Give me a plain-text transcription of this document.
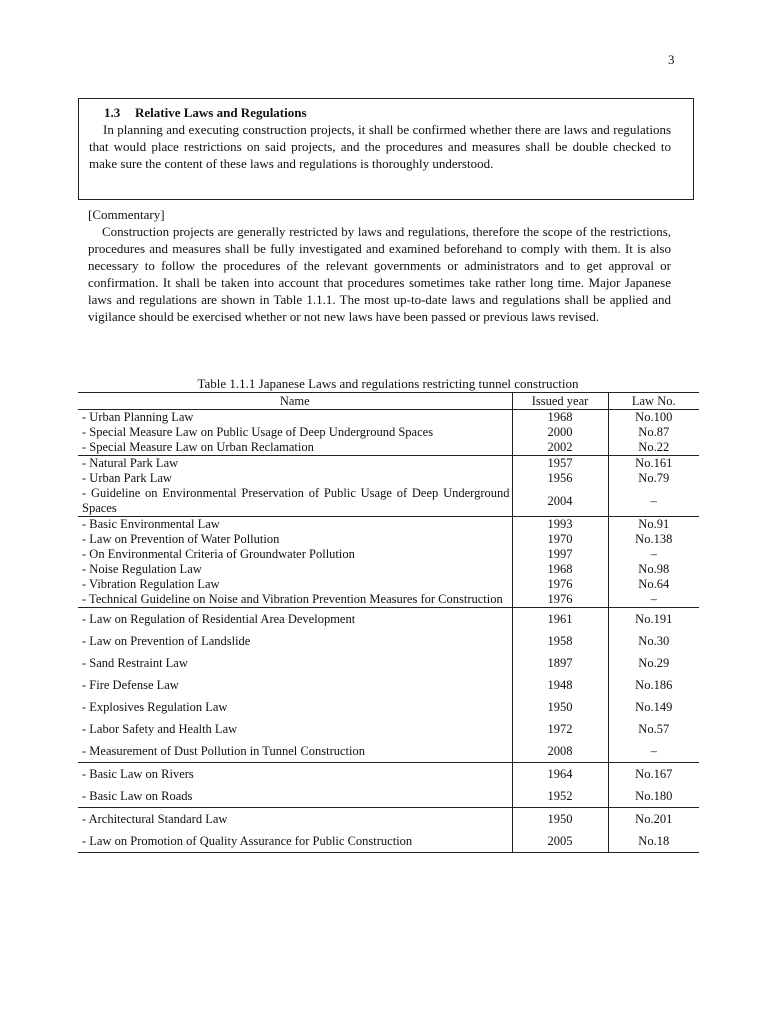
3

1.3 Relative Laws and Regulations

In planning and executing construction projects, it shall be confirmed whether there are laws and regulations that would place restrictions on said projects, and the procedures and measures shall be double checked to make sure the content of these laws and regulations is thoroughly understood.

[Commentary]

Construction projects are generally restricted by laws and regulations, therefore the scope of the restrictions, procedures and measures shall be fully investigated and examined beforehand to comply with them. It is also necessary to follow the procedures of the relevant governments or administrators and to get approval or confirmation. It shall be taken into account that procedures sometimes take rather long time. Major Japanese laws and regulations are shown in Table 1.1.1. The most up-to-date laws and regulations shall be applied and vigilance should be exercised whether or not new laws have been passed or previous laws revised.

Table 1.1.1 Japanese Laws and regulations restricting tunnel construction

Name	Issued year	Law No.
- Urban Planning Law	1968	No.100
- Special Measure Law on Public Usage of Deep Underground Spaces	2000	No.87
- Special Measure Law on Urban Reclamation	2002	No.22
- Natural Park Law	1957	No.161
- Urban Park Law	1956	No.79
- Guideline on Environmental Preservation of Public Usage of Deep Underground Spaces	2004	–
- Basic Environmental Law	1993	No.91
- Law on Prevention of Water Pollution	1970	No.138
- On Environmental Criteria of Groundwater Pollution	1997	–
- Noise Regulation Law	1968	No.98
- Vibration Regulation Law	1976	No.64
- Technical Guideline on Noise and Vibration Prevention Measures for Construction	1976	–
- Law on Regulation of Residential Area Development	1961	No.191
- Law on Prevention of Landslide	1958	No.30
- Sand Restraint Law	1897	No.29
- Fire Defense Law	1948	No.186
- Explosives Regulation Law	1950	No.149
- Labor Safety and Health Law	1972	No.57
- Measurement of Dust Pollution in Tunnel Construction	2008	–
- Basic Law on Rivers	1964	No.167
- Basic Law on Roads	1952	No.180
- Architectural Standard Law	1950	No.201
- Law on Promotion of Quality Assurance for Public Construction	2005	No.18
